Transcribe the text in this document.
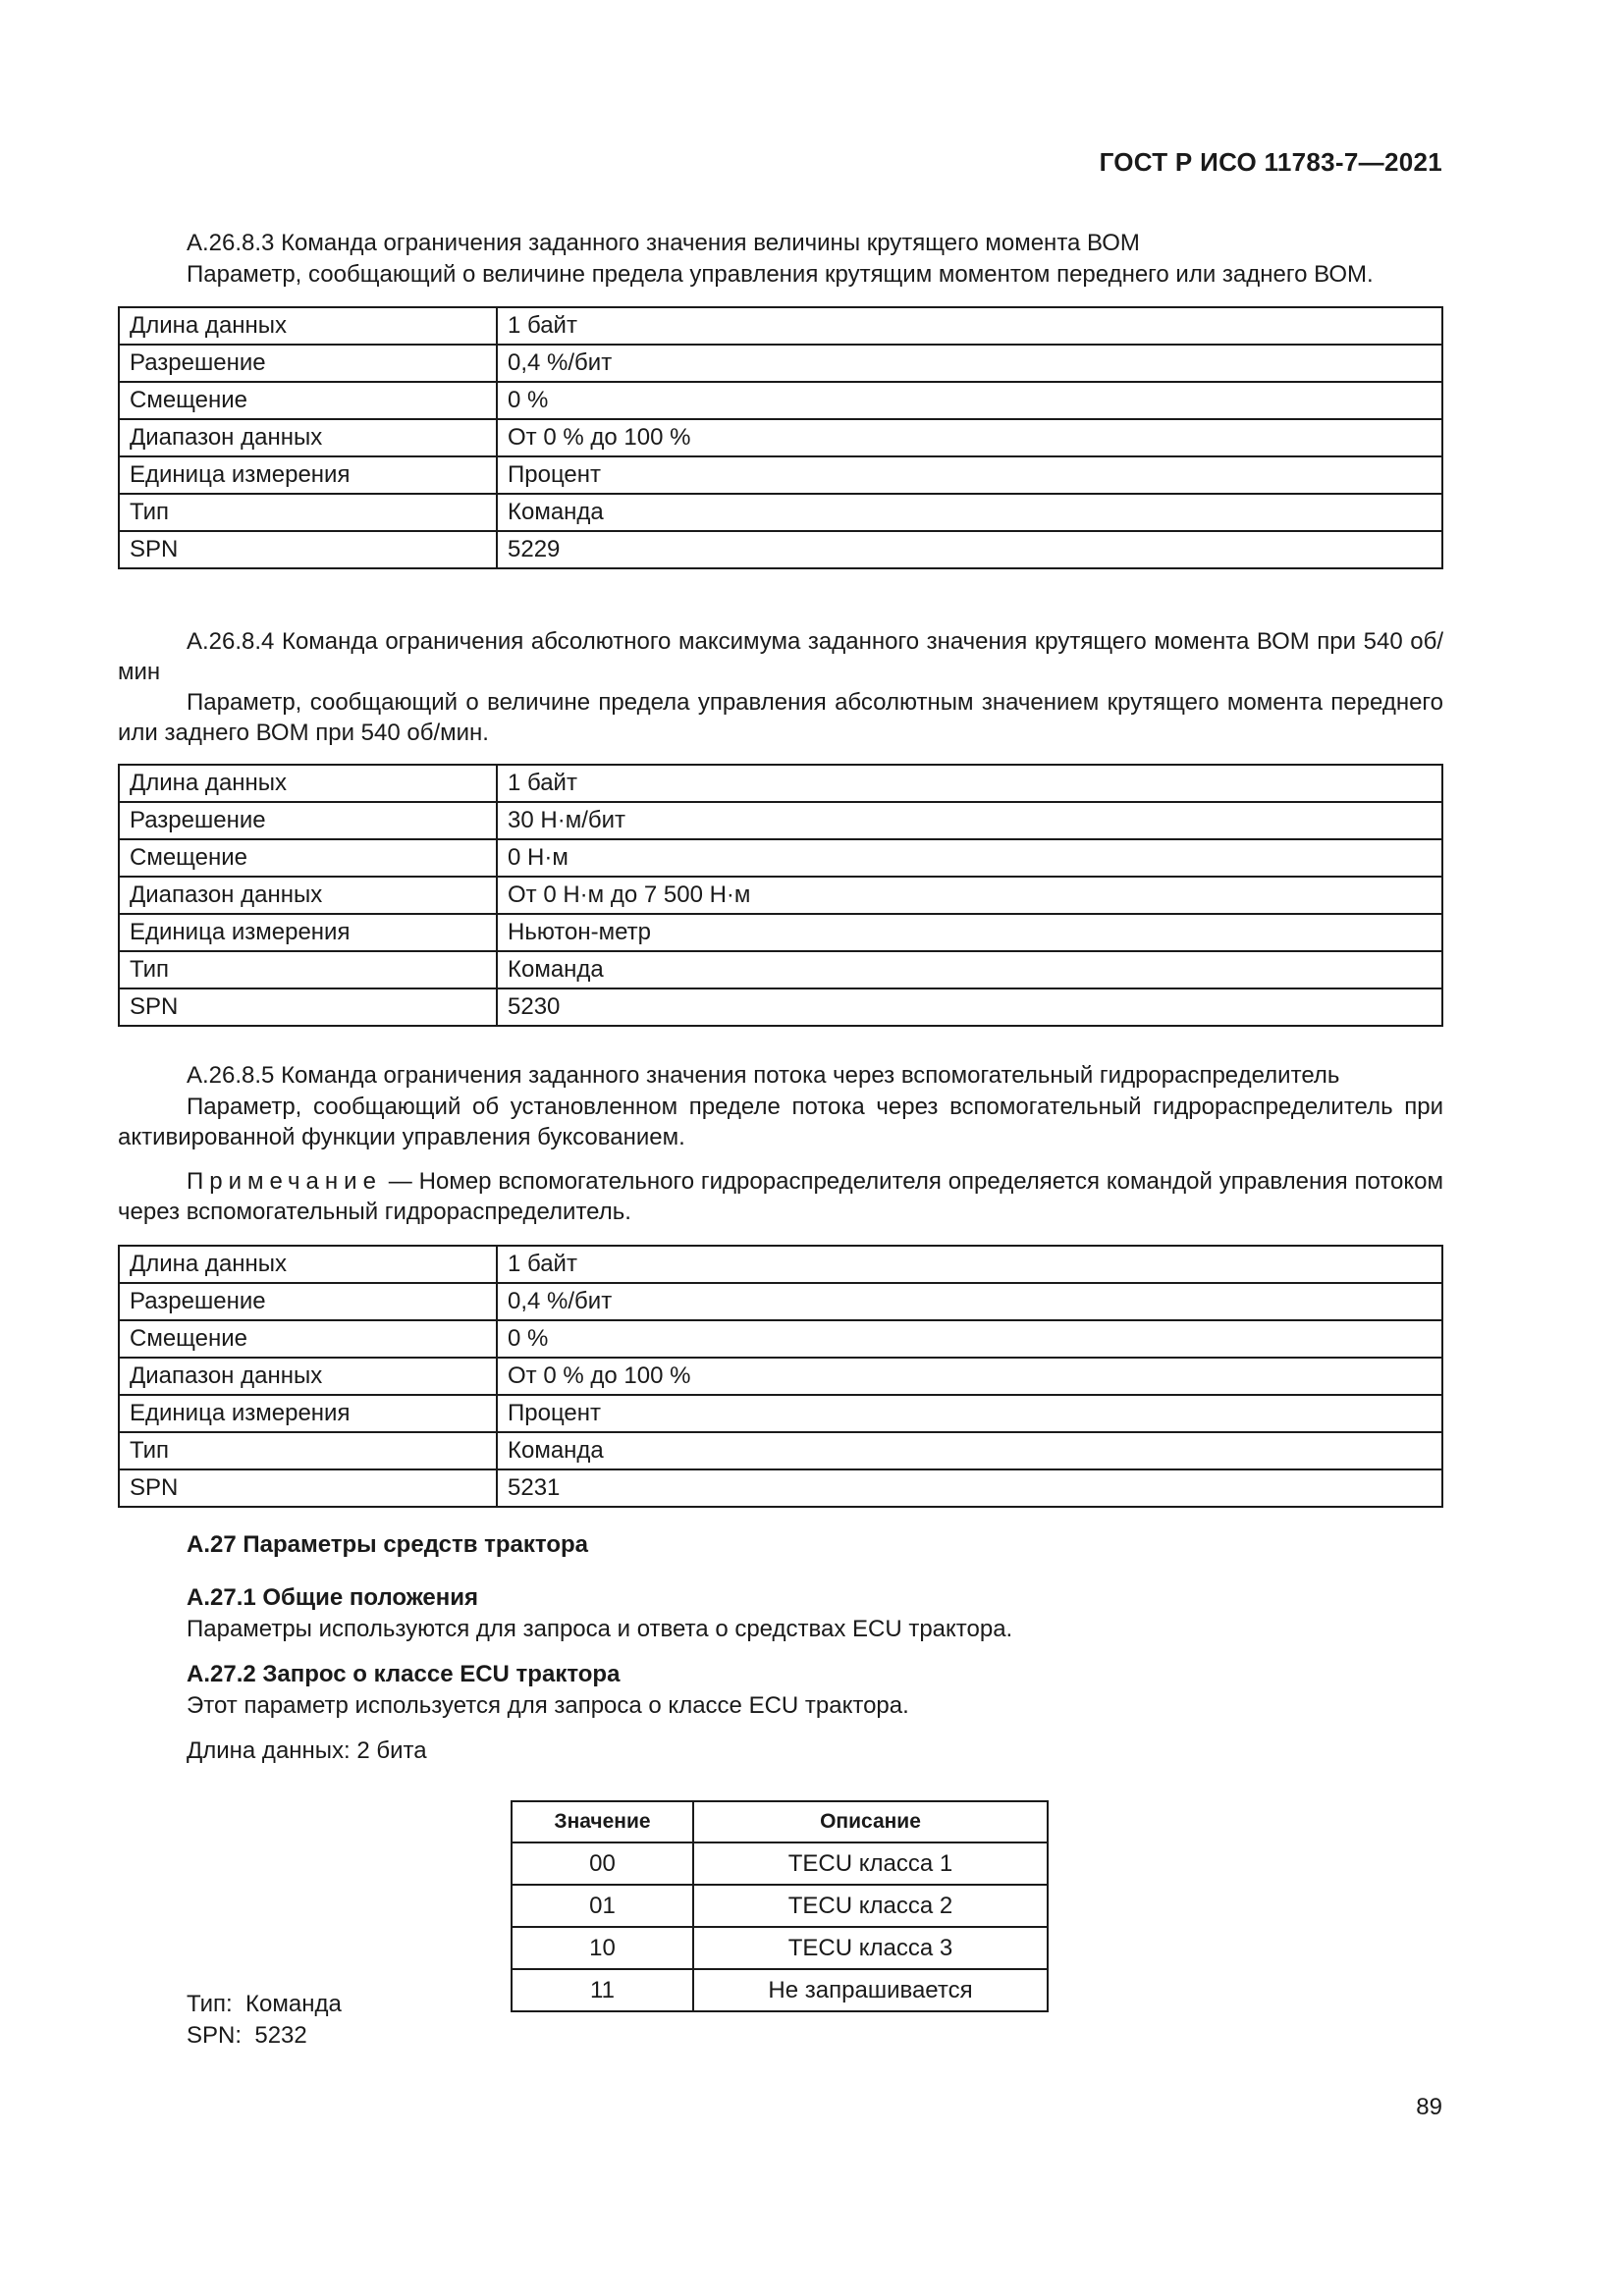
ГОСТ Р ИСО 11783-7—2021
А.26.8.3 Команда ограничения заданного значения величины крутящего момента ВОМ
Параметр, сообщающий о величине предела управления крутящим моментом переднего или заднего ВОМ.
Длина данных	1 байт
Разрешение	0,4 %/бит
Смещение	0 %
Диапазон данных	От 0 % до 100 %
Единица измерения	Процент
Тип	Команда
SPN	5229
А.26.8.4 Команда ограничения абсолютного максимума заданного значения крутящего момента ВОМ при 540 об/мин
Параметр, сообщающий о величине предела управления абсолютным значением крутящего момента переднего или заднего ВОМ при 540 об/мин.
Длина данных	1 байт
Разрешение	30 Н·м/бит
Смещение	0 Н·м
Диапазон данных	От 0 Н·м до 7 500 Н·м
Единица измерения	Ньютон-метр
Тип	Команда
SPN	5230
А.26.8.5 Команда ограничения заданного значения потока через вспомогательный гидрораспределитель
Параметр, сообщающий об установленном пределе потока через вспомогательный гидрораспределитель при активированной функции управления буксованием.
Примечание — Номер вспомогательного гидрораспределителя определяется командой управления потоком через вспомогательный гидрораспределитель.
Длина данных	1 байт
Разрешение	0,4 %/бит
Смещение	0 %
Диапазон данных	От 0 % до 100 %
Единица измерения	Процент
Тип	Команда
SPN	5231
А.27 Параметры средств трактора
А.27.1 Общие положения
Параметры используются для запроса и ответа о средствах ECU трактора.
А.27.2 Запрос о классе ECU трактора
Этот параметр используется для запроса о классе ECU трактора.
Длина данных: 2 бита
Значение	Описание
00	TECU класса 1
01	TECU класса 2
10	TECU класса 3
11	Не запрашивается
Тип: Команда
SPN: 5232
89
